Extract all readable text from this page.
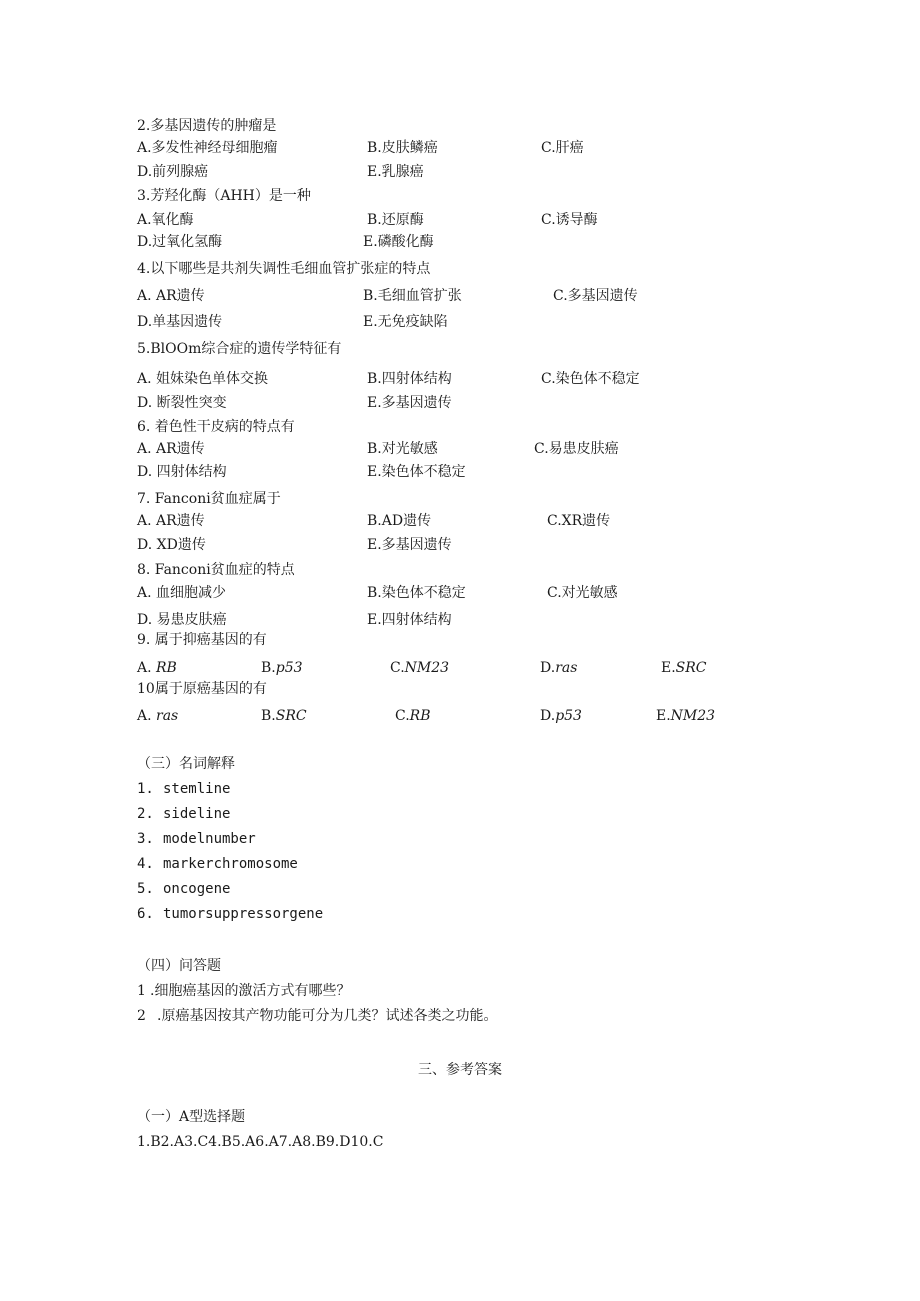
2.多基因遗传的肿瘤是
A.多发性神经母细胞瘤	B.皮肤鳞癌	C.肝癌
D.前列腺癌	E.乳腺癌
3.芳羟化酶（AHH）是一种
A.氧化酶	B.还原酶	C.诱导酶
D.过氧化氢酶	E.磷酸化酶
4.以下哪些是共剂失调性毛细血管扩张症的特点
A. AR遗传	B.毛细血管扩张	C.多基因遗传
D.单基因遗传	E.无免疫缺陷
5.BlOOm综合症的遗传学特征有
A. 姐妹染色单体交换	B.四射体结构	C.染色体不稳定
D. 断裂性突变	E.多基因遗传
6. 着色性干皮病的特点有
A. AR遗传	B.对光敏感	C.易患皮肤癌
D. 四射体结构	E.染色体不稳定
7. Fanconi贫血症属于
A. AR遗传	B.AD遗传	C.XR遗传
D. XD遗传	E.多基因遗传
8. Fanconi贫血症的特点
A. 血细胞减少	B.染色体不稳定	C.对光敏感
D. 易患皮肤癌	E.四射体结构
9. 属于抑癌基因的有
A. RB	B.p53	C.NM23	D.ras	E.SRC
10属于原癌基因的有
A. ras	B.SRC	C.RB	D.p53	E.NM23
（三）名词解释
1. stemline
2. sideline
3. modelnumber
4. markerchromosome
5. oncogene
6. tumorsuppressorgene
（四）问答题
1 .细胞癌基因的激活方式有哪些？
2 .原癌基因按其产物功能可分为几类？试述各类之功能。
三、参考答案
（一）A型选择题
1.B2.A3.C4.B5.A6.A7.A8.B9.D10.C
